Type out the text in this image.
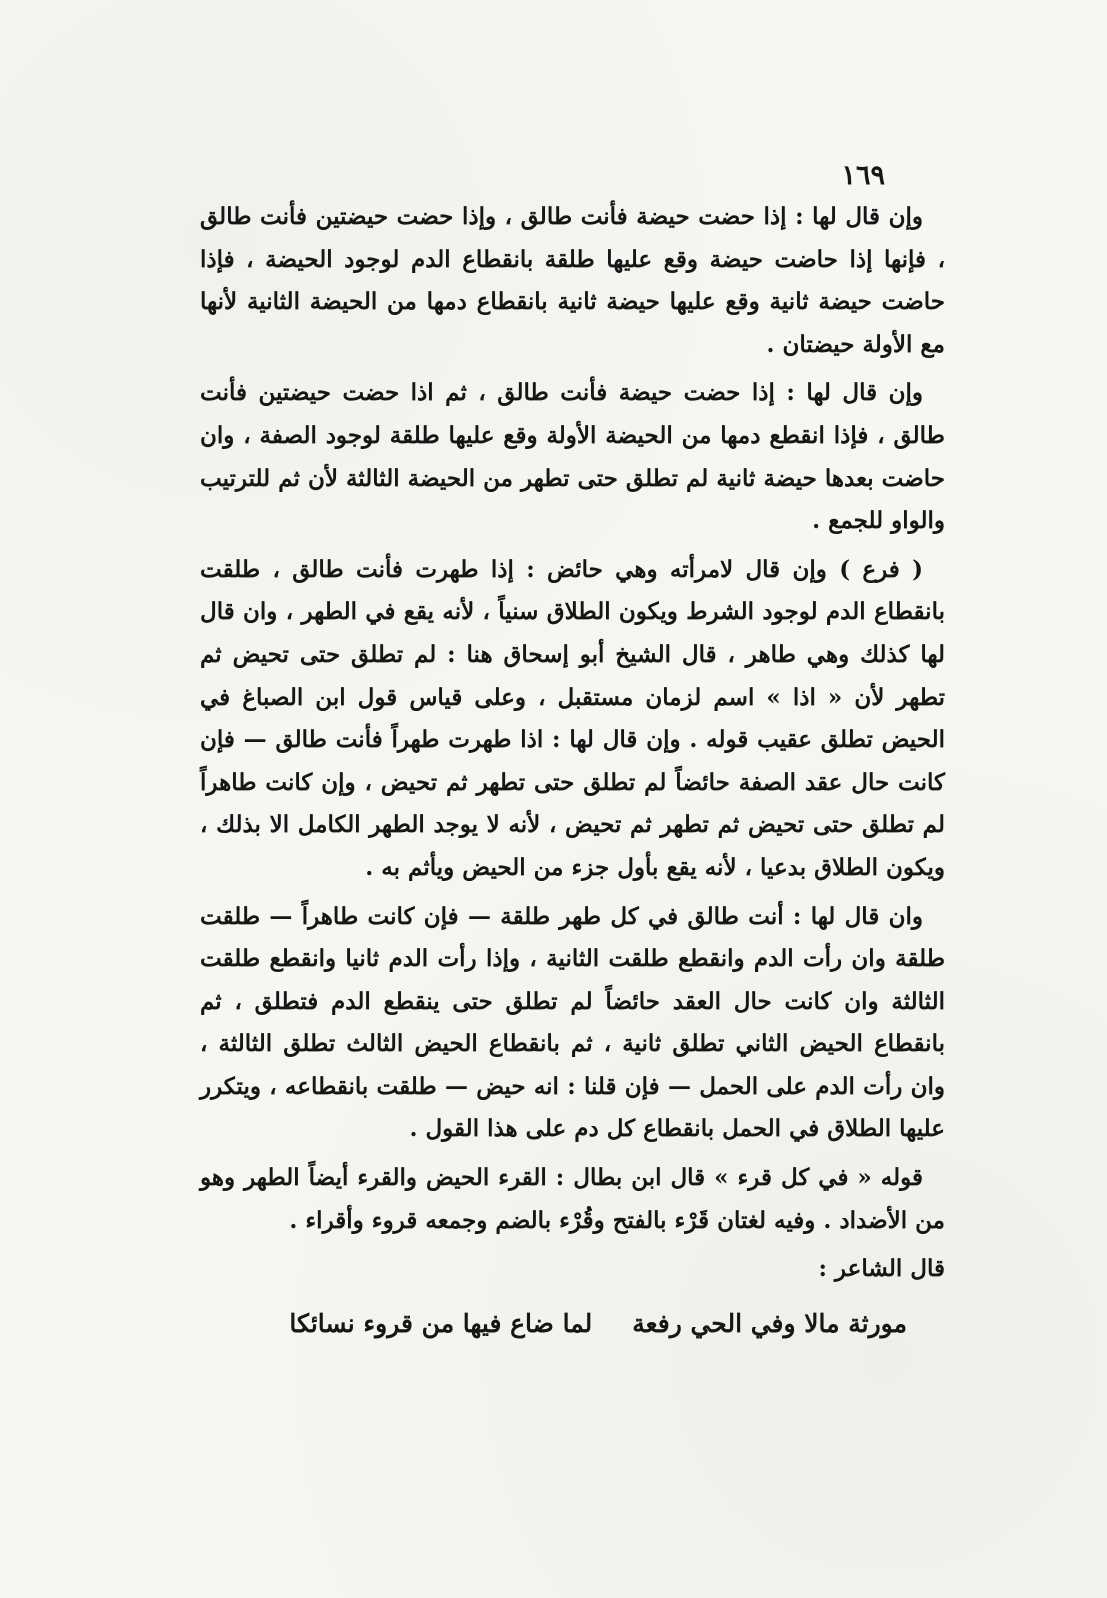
١٦٩

وإن قال لها : إذا حضت حيضة فأنت طالق ، وإذا حضت حيضتين فأنت طالق ، فإنها إذا حاضت حيضة وقع عليها طلقة بانقطاع الدم لوجود الحيضة ، فإذا حاضت حيضة ثانية وقع عليها حيضة ثانية بانقطاع دمها من الحيضة الثانية لأنها مع الأولة حيضتان .

وإن قال لها : إذا حضت حيضة فأنت طالق ، ثم اذا حضت حيضتين فأنت طالق ، فإذا انقطع دمها من الحيضة الأولة وقع عليها طلقة لوجود الصفة ، وان حاضت بعدها حيضة ثانية لم تطلق حتى تطهر من الحيضة الثالثة لأن ثم للترتيب والواو للجمع .

( فرع ) وإن قال لامرأته وهي حائض : إذا طهرت فأنت طالق ، طلقت بانقطاع الدم لوجود الشرط ويكون الطلاق سنياً ، لأنه يقع في الطهر ، وان قال لها كذلك وهي طاهر ، قال الشيخ أبو إسحاق هنا : لم تطلق حتى تحيض ثم تطهر لأن « اذا » اسم لزمان مستقبل ، وعلى قياس قول ابن الصباغ في الحيض تطلق عقيب قوله . وإن قال لها : اذا طهرت طهراً فأنت طالق — فإن كانت حال عقد الصفة حائضاً لم تطلق حتى تطهر ثم تحيض ، وإن كانت طاهراً لم تطلق حتى تحيض ثم تطهر ثم تحيض ، لأنه لا يوجد الطهر الكامل الا بذلك ، ويكون الطلاق بدعيا ، لأنه يقع بأول جزء من الحيض ويأثم به .

وان قال لها : أنت طالق في كل طهر طلقة — فإن كانت طاهراً — طلقت طلقة وان رأت الدم وانقطع طلقت الثانية ، وإذا رأت الدم ثانيا وانقطع طلقت الثالثة وان كانت حال العقد حائضاً لم تطلق حتى ينقطع الدم فتطلق ، ثم بانقطاع الحيض الثاني تطلق ثانية ، ثم بانقطاع الحيض الثالث تطلق الثالثة ، وان رأت الدم على الحمل — فإن قلنا : انه حيض — طلقت بانقطاعه ، ويتكرر عليها الطلاق في الحمل بانقطاع كل دم على هذا القول .

قوله « في كل قرء » قال ابن بطال : القرء الحيض والقرء أيضاً الطهر وهو من الأضداد . وفيه لغتان قَرْء بالفتح وقُرْء بالضم وجمعه قروء وأقراء .

قال الشاعر :

مورثة مالا وفي الحي رفعة
لما ضاع فيها من قروء نسائكا
